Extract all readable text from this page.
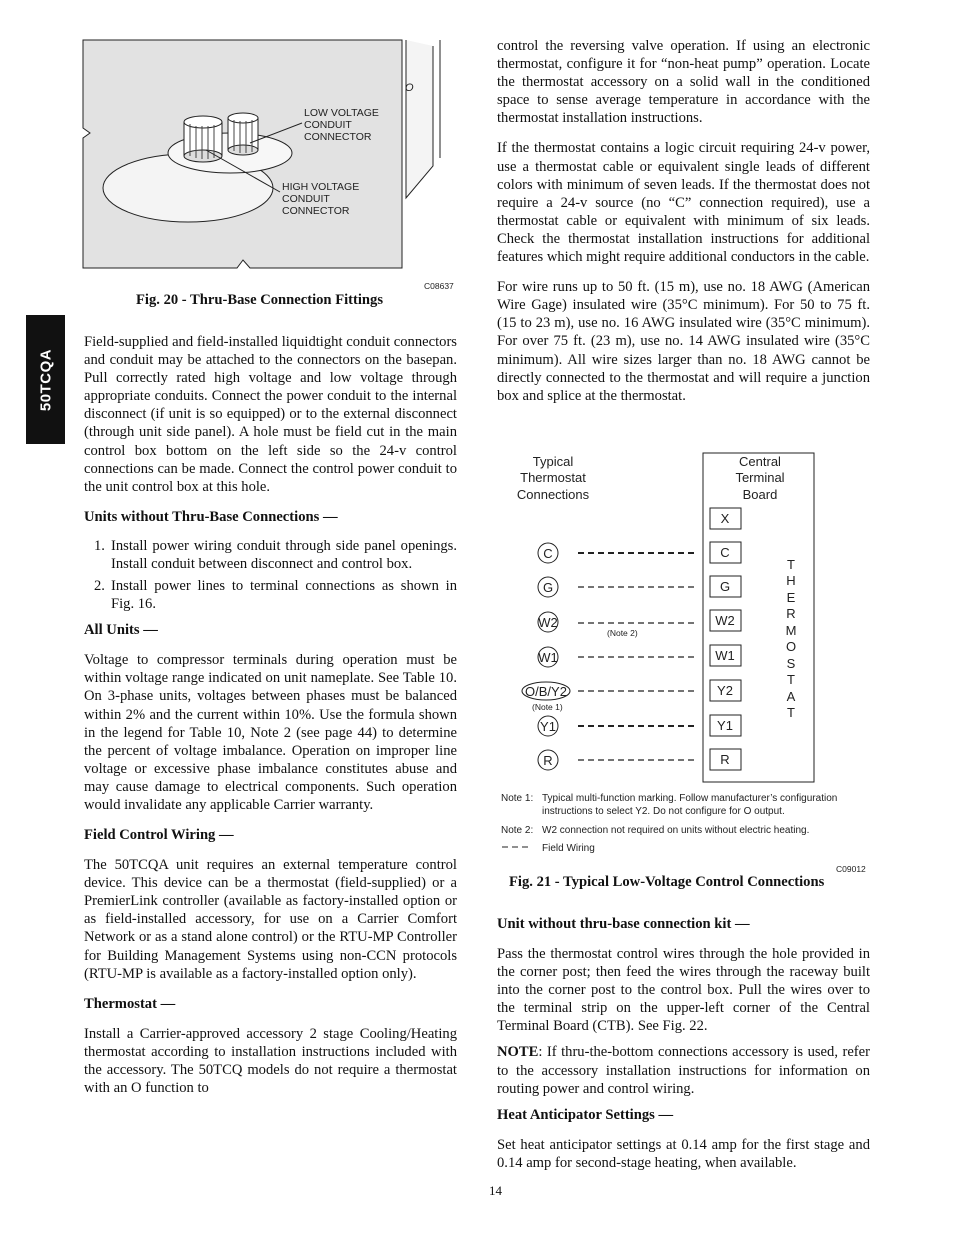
50TCQA
O
LOW VOLTAGE CONDUIT CONNECTOR
HIGH VOLTAGE CONDUIT CONNECTOR
C08637
Fig. 20 - Thru-Base Connection Fittings

Field-supplied and field-installed liquidtight conduit connectors and conduit may be attached to the connectors on the basepan. Pull correctly rated high voltage and low voltage through appropriate conduits. Connect the power conduit to the internal disconnect (if unit is so equipped) or to the external disconnect (through unit side panel). A hole must be field cut in the main control box bottom on the left side so the 24-v control connections can be made. Connect the control power conduit to the unit control box at this hole.

Units without Thru-Base Connections —
1. Install power wiring conduit through side panel openings. Install conduit between disconnect and control box.
2. Install power lines to terminal connections as shown in Fig. 16.
All Units —

Voltage to compressor terminals during operation must be within voltage range indicated on unit nameplate. See Table 10. On 3-phase units, voltages between phases must be balanced within 2% and the current within 10%. Use the formula shown in the legend for Table 10, Note 2 (see page 44) to determine the percent of voltage imbalance. Operation on improper line voltage or excessive phase imbalance constitutes abuse and may cause damage to electrical components. Such operation would invalidate any applicable Carrier warranty.

Field Control Wiring —

The 50TCQA unit requires an external temperature control device. This device can be a thermostat (field-supplied) or a PremierLink controller (available as factory-installed option or as field-installed accessory, for use on a Carrier Comfort Network or as a stand alone control) or the RTU-MP Controller for Building Management Systems using non-CCN protocols (RTU-MP is available as a factory-installed option only).

Thermostat —

Install a Carrier-approved accessory 2 stage Cooling/Heating thermostat according to installation instructions included with the accessory. The 50TCQ models do not require a thermostat with an O function to

control the reversing valve operation. If using an electronic thermostat, configure it for “non-heat pump” operation. Locate the thermostat accessory on a solid wall in the conditioned space to sense average temperature in accordance with the thermostat installation instructions.

If the thermostat contains a logic circuit requiring 24-v power, use a thermostat cable or equivalent single leads of different colors with minimum of seven leads. If the thermostat does not require a 24-v source (no “C” connection required), use a thermostat cable or equivalent with minimum of six leads. Check the thermostat installation instructions for additional features which might require additional conductors in the cable.

For wire runs up to 50 ft. (15 m), use no. 18 AWG (American Wire Gage) insulated wire (35°C minimum). For 50 to 75 ft. (15 to 23 m), use no. 16 AWG insulated wire (35°C minimum). For over 75 ft. (23 m), use no. 14 AWG insulated wire (35°C minimum). All wire sizes larger than no. 18 AWG cannot be directly connected to the thermostat and will require a junction box and splice at the thermostat.

Typical
Thermostat
Connections
Central
Terminal
Board
X
C
G
W2
W1
Y2
Y1
R
T
H
E
R
M
O
S
T
A
T
C
G
W2
W1
O/B/Y2
Y1
R
(Note 2)
(Note 1)
Note 1: Typical multi-function marking. Follow manufacturer’s configuration
instructions to select Y2. Do not configure for O output.
Note 2: W2 connection not required on units without electric heating.
Field Wiring
C09012
Fig. 21 - Typical Low-Voltage Control Connections
Unit without thru-base connection kit —

Pass the thermostat control wires through the hole provided in the corner post; then feed the wires through the raceway built into the corner post to the control box. Pull the wires over to the terminal strip on the upper-left corner of the Central Terminal Board (CTB). See Fig. 22.

NOTE: If thru-the-bottom connections accessory is used, refer to the accessory installation instructions for information on routing power and control wiring.

Heat Anticipator Settings —

Set heat anticipator settings at 0.14 amp for the first stage and 0.14 amp for second-stage heating, when available.

14
